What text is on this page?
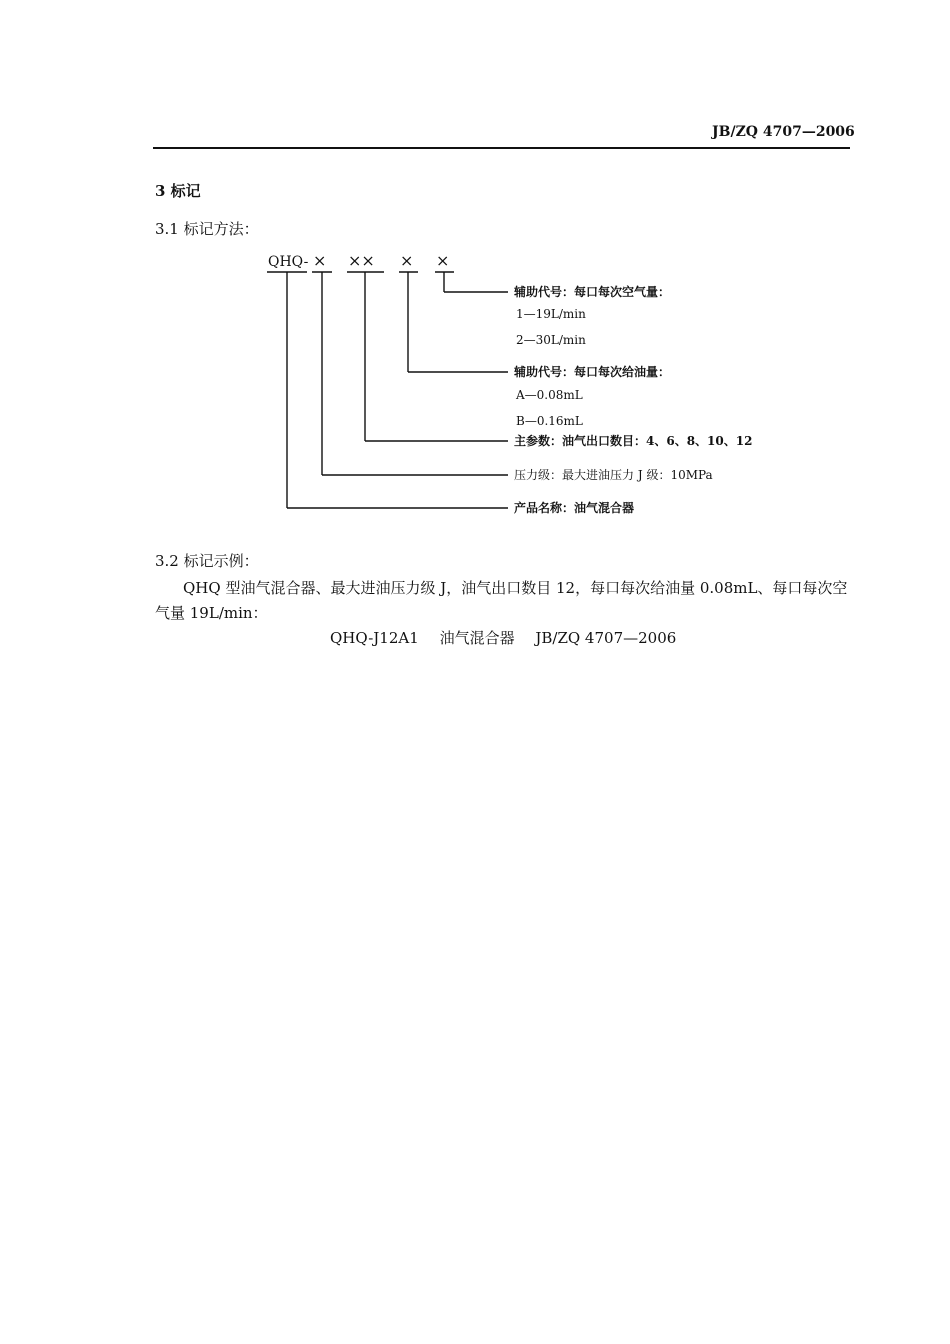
JB/ZQ 4707—2006
3 标记
3.1 标记方法：
QHQ- × ×× × ×
辅助代号：每口每次空气量：
1—19L/min
2—30L/min
辅助代号：每口每次给油量：
A—0.08mL
B—0.16mL
主参数：油气出口数目：4、6、8、10、12
压力级：最大进油压力 J 级：10MPa
产品名称：油气混合器
3.2 标记示例：
QHQ 型油气混合器、最大进油压力级 J，油气出口数目 12，每口每次给油量 0.08mL、每口每次空气量 19L/min：
QHQ-J12A1 油气混合器 JB/ZQ 4707—2006
